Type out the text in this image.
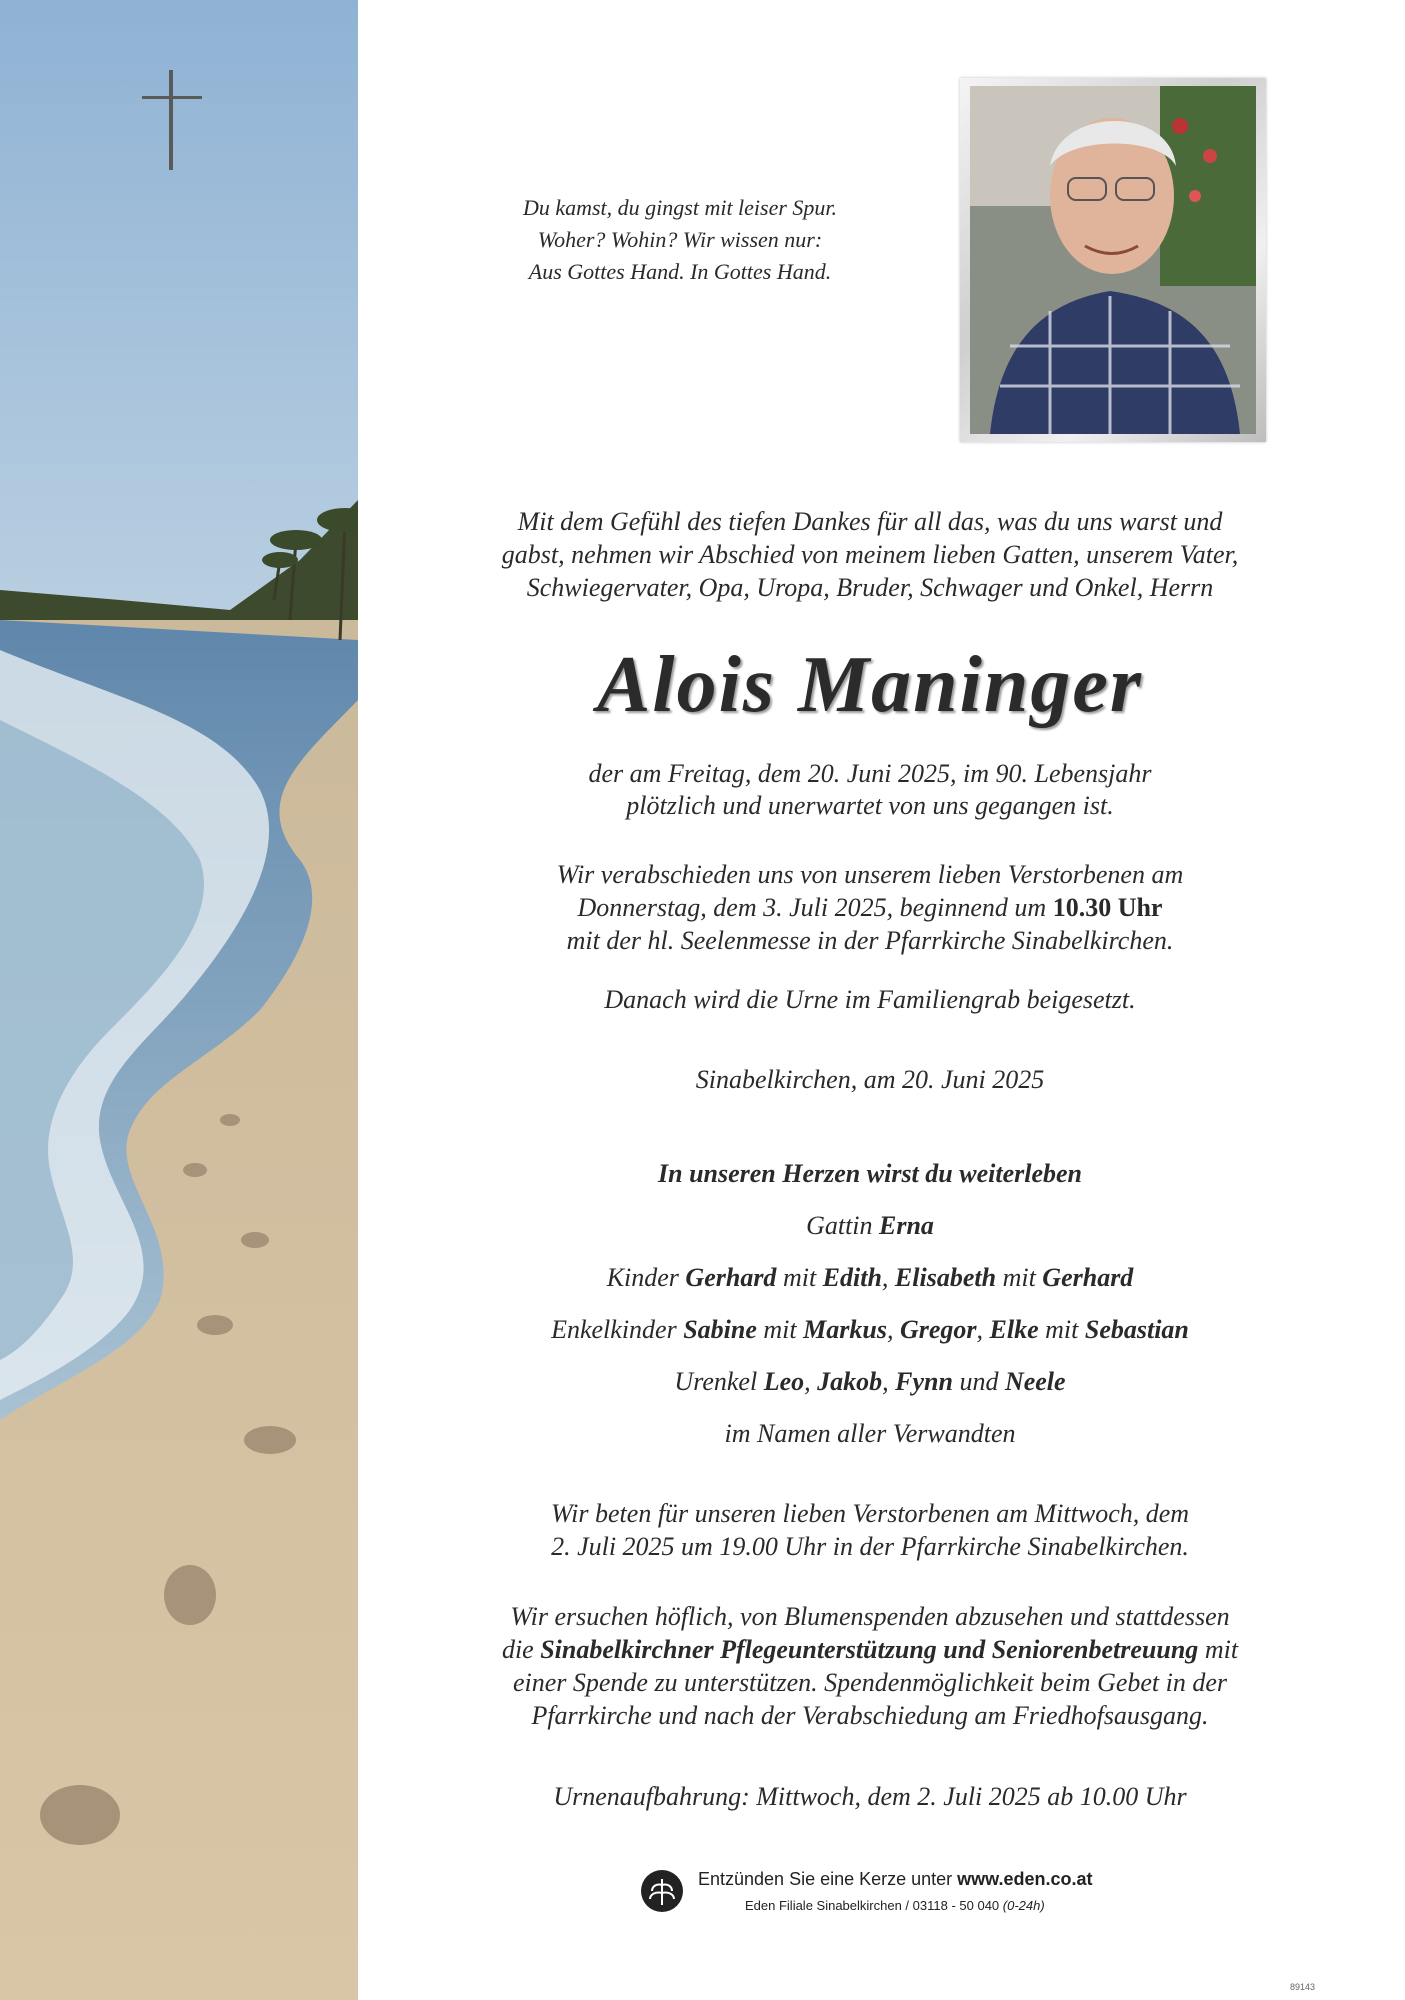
Du kamst, du gingst mit leiser Spur.
Woher? Wohin? Wir wissen nur:
Aus Gottes Hand. In Gottes Hand.
Mit dem Gefühl des tiefen Dankes für all das, was du uns warst und
gabst, nehmen wir Abschied von meinem lieben Gatten, unserem Vater,
Schwiegervater, Opa, Uropa, Bruder, Schwager und Onkel, Herrn
Alois Maninger
der am Freitag, dem 20. Juni 2025, im 90. Lebensjahr
plötzlich und unerwartet von uns gegangen ist.
Wir verabschieden uns von unserem lieben Verstorbenen am
Donnerstag, dem 3. Juli 2025, beginnend um 10.30 Uhr
mit der hl. Seelenmesse in der Pfarrkirche Sinabelkirchen.
Danach wird die Urne im Familiengrab beigesetzt.
Sinabelkirchen, am 20. Juni 2025
In unseren Herzen wirst du weiterleben
Gattin Erna
Kinder Gerhard mit Edith, Elisabeth mit Gerhard
Enkelkinder Sabine mit Markus, Gregor, Elke mit Sebastian
Urenkel Leo, Jakob, Fynn und Neele
im Namen aller Verwandten
Wir beten für unseren lieben Verstorbenen am Mittwoch, dem
2. Juli 2025 um 19.00 Uhr in der Pfarrkirche Sinabelkirchen.
Wir ersuchen höflich, von Blumenspenden abzusehen und stattdessen
die Sinabelkirchner Pflegeunterstützung und Seniorenbetreuung mit
einer Spende zu unterstützen. Spendenmöglichkeit beim Gebet in der
Pfarrkirche und nach der Verabschiedung am Friedhofsausgang.
Urnenaufbahrung: Mittwoch, dem 2. Juli 2025 ab 10.00 Uhr
Entzünden Sie eine Kerze unter www.eden.co.at
Eden Filiale Sinabelkirchen / 03118 - 50 040 (0-24h)
89143
